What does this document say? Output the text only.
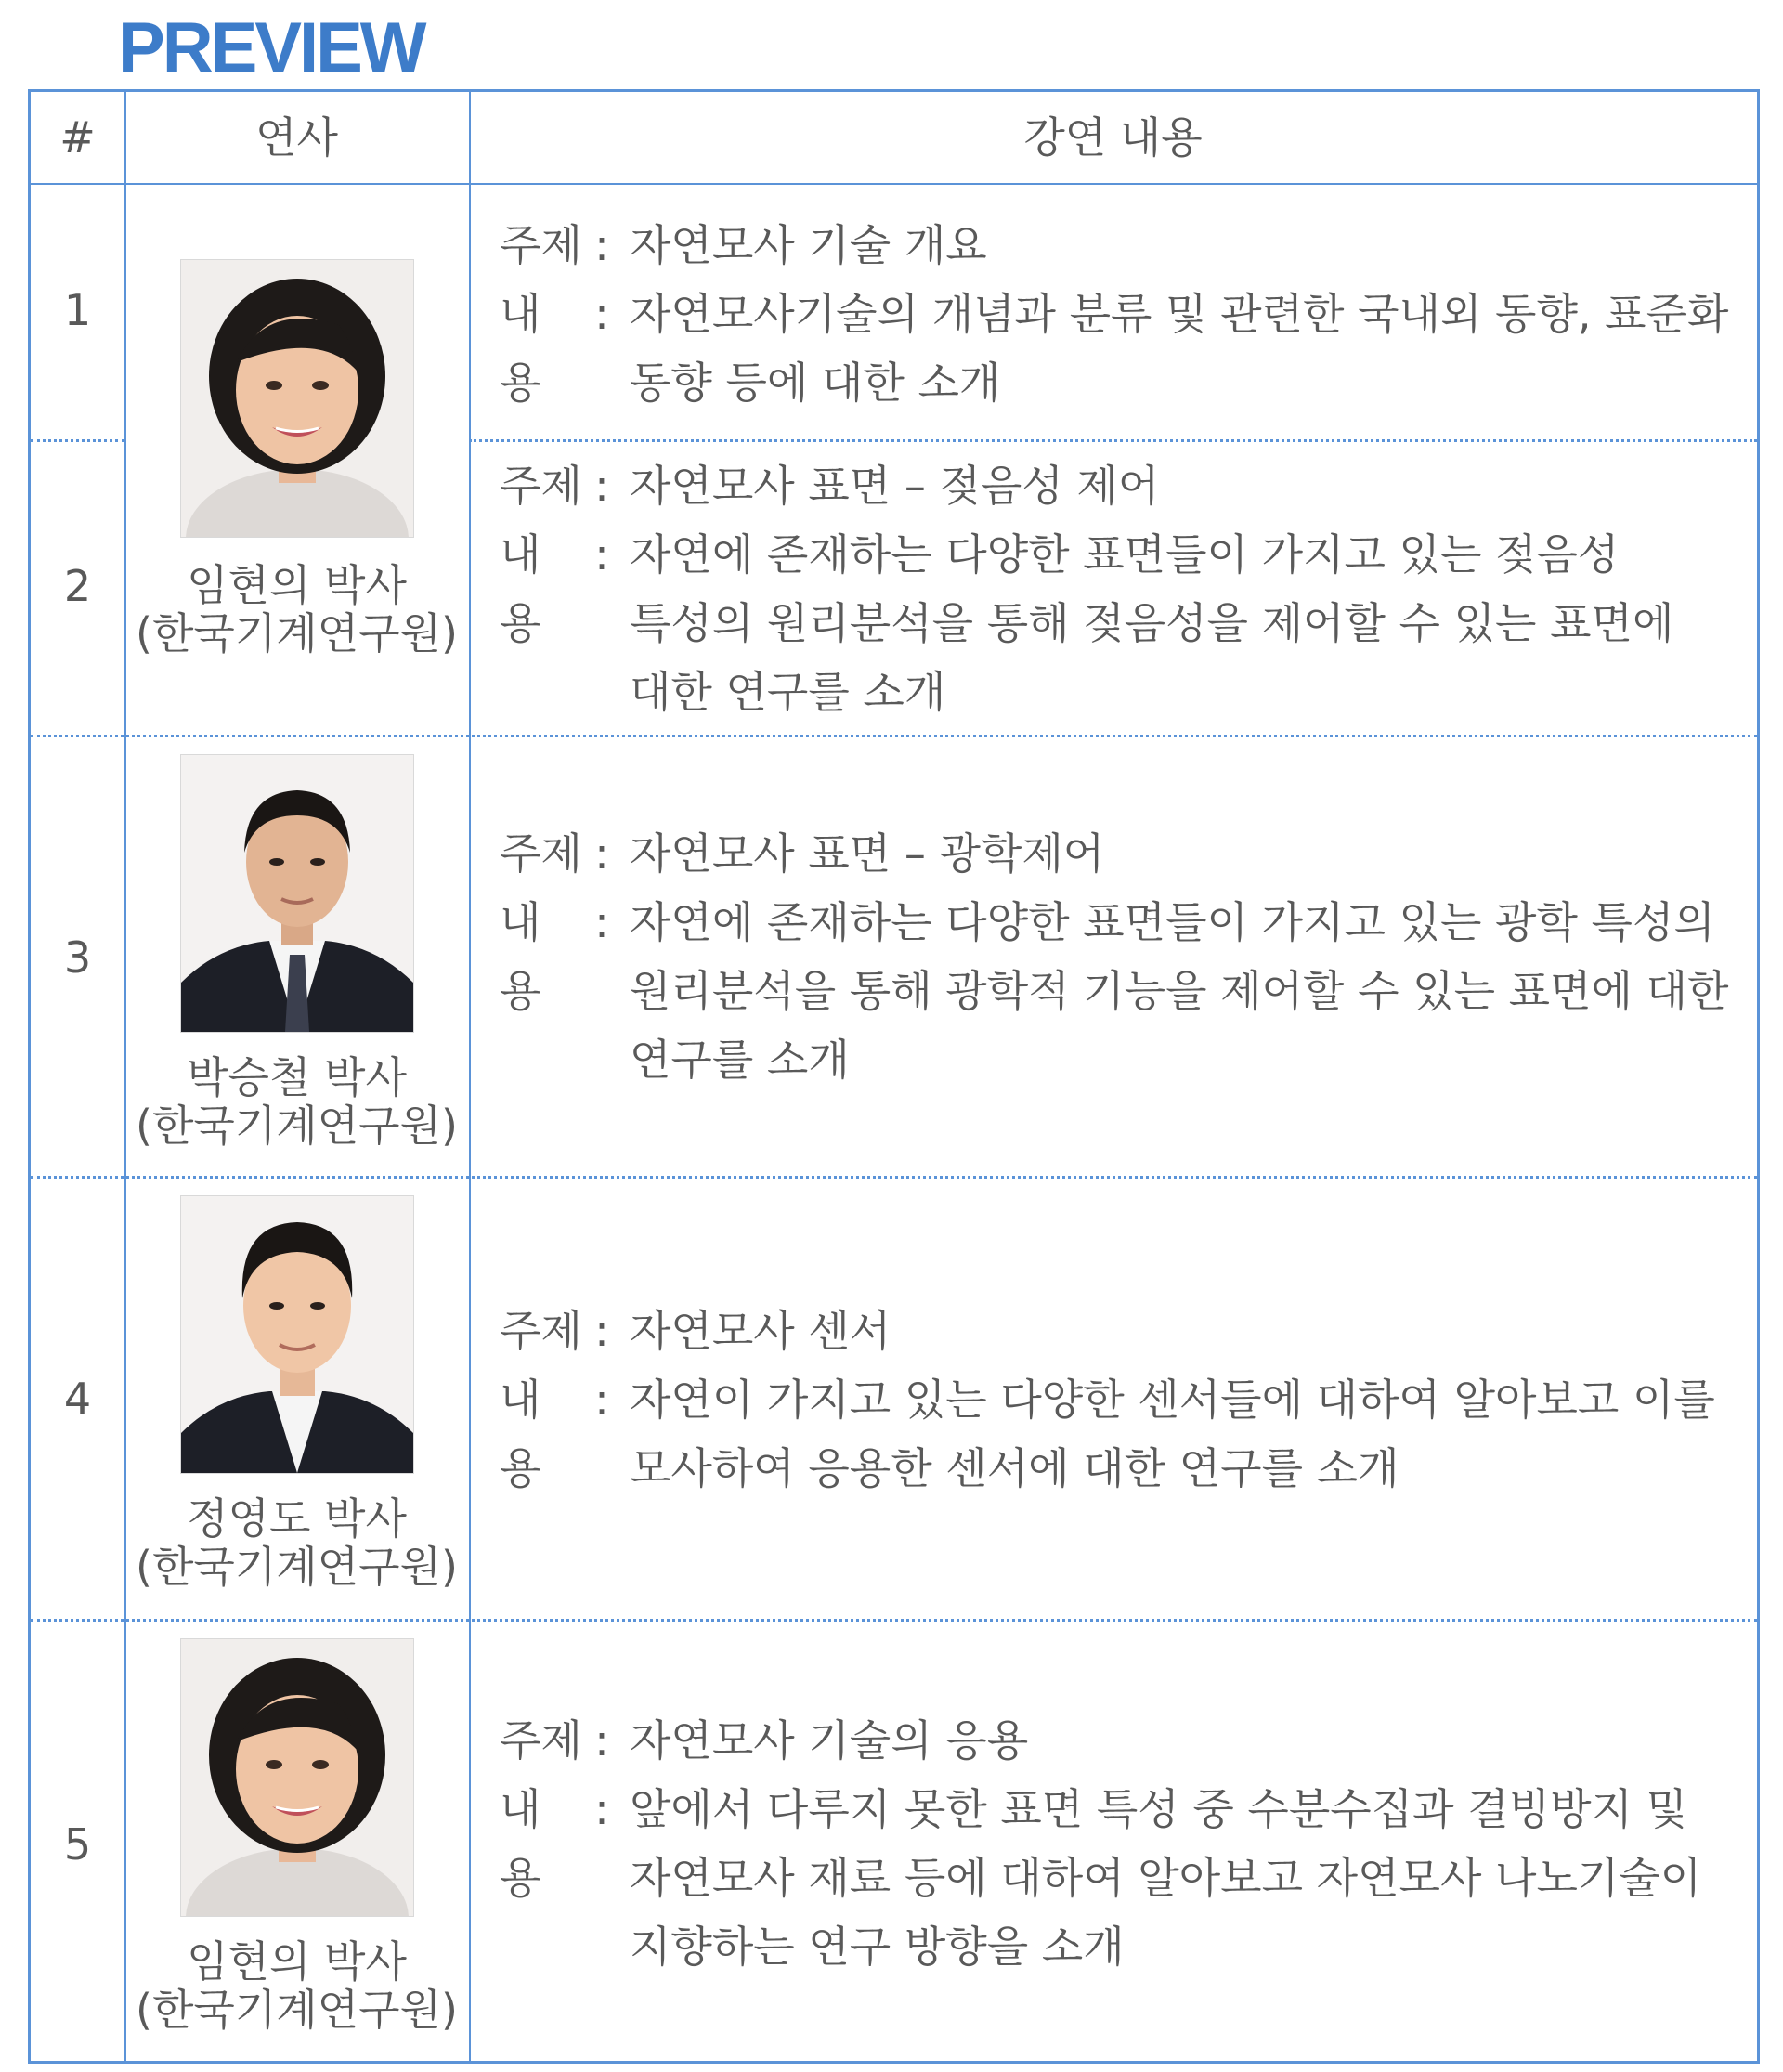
PREVIEW
#	연사	강연 내용
1
2
3
4
5
임현의 박사
(한국기계연구원)
박승철 박사
(한국기계연구원)
정영도 박사
(한국기계연구원)
임현의 박사
(한국기계연구원)
주제 : 자연모사 기술 개요
내용
: 자연모사기술의 개념과 분류 및 관련한 국내외 동향, 표준화
동향 등에 대한 소개
주제 : 자연모사 표면 – 젖음성 제어
내용
: 자연에 존재하는 다양한 표면들이 가지고 있는 젖음성
특성의 원리분석을 통해 젖음성을 제어할 수 있는 표면에
대한 연구를 소개
주제 : 자연모사 표면 – 광학제어
내용
: 자연에 존재하는 다양한 표면들이 가지고 있는 광학 특성의
원리분석을 통해 광학적 기능을 제어할 수 있는 표면에 대한
연구를 소개
주제 : 자연모사 센서
내용
: 자연이 가지고 있는 다양한 센서들에 대하여 알아보고 이를
모사하여 응용한 센서에 대한 연구를 소개
주제 : 자연모사 기술의 응용
내용
: 앞에서 다루지 못한 표면 특성 중 수분수집과 결빙방지 및
자연모사 재료 등에 대하여 알아보고 자연모사 나노기술이
지향하는 연구 방향을 소개
